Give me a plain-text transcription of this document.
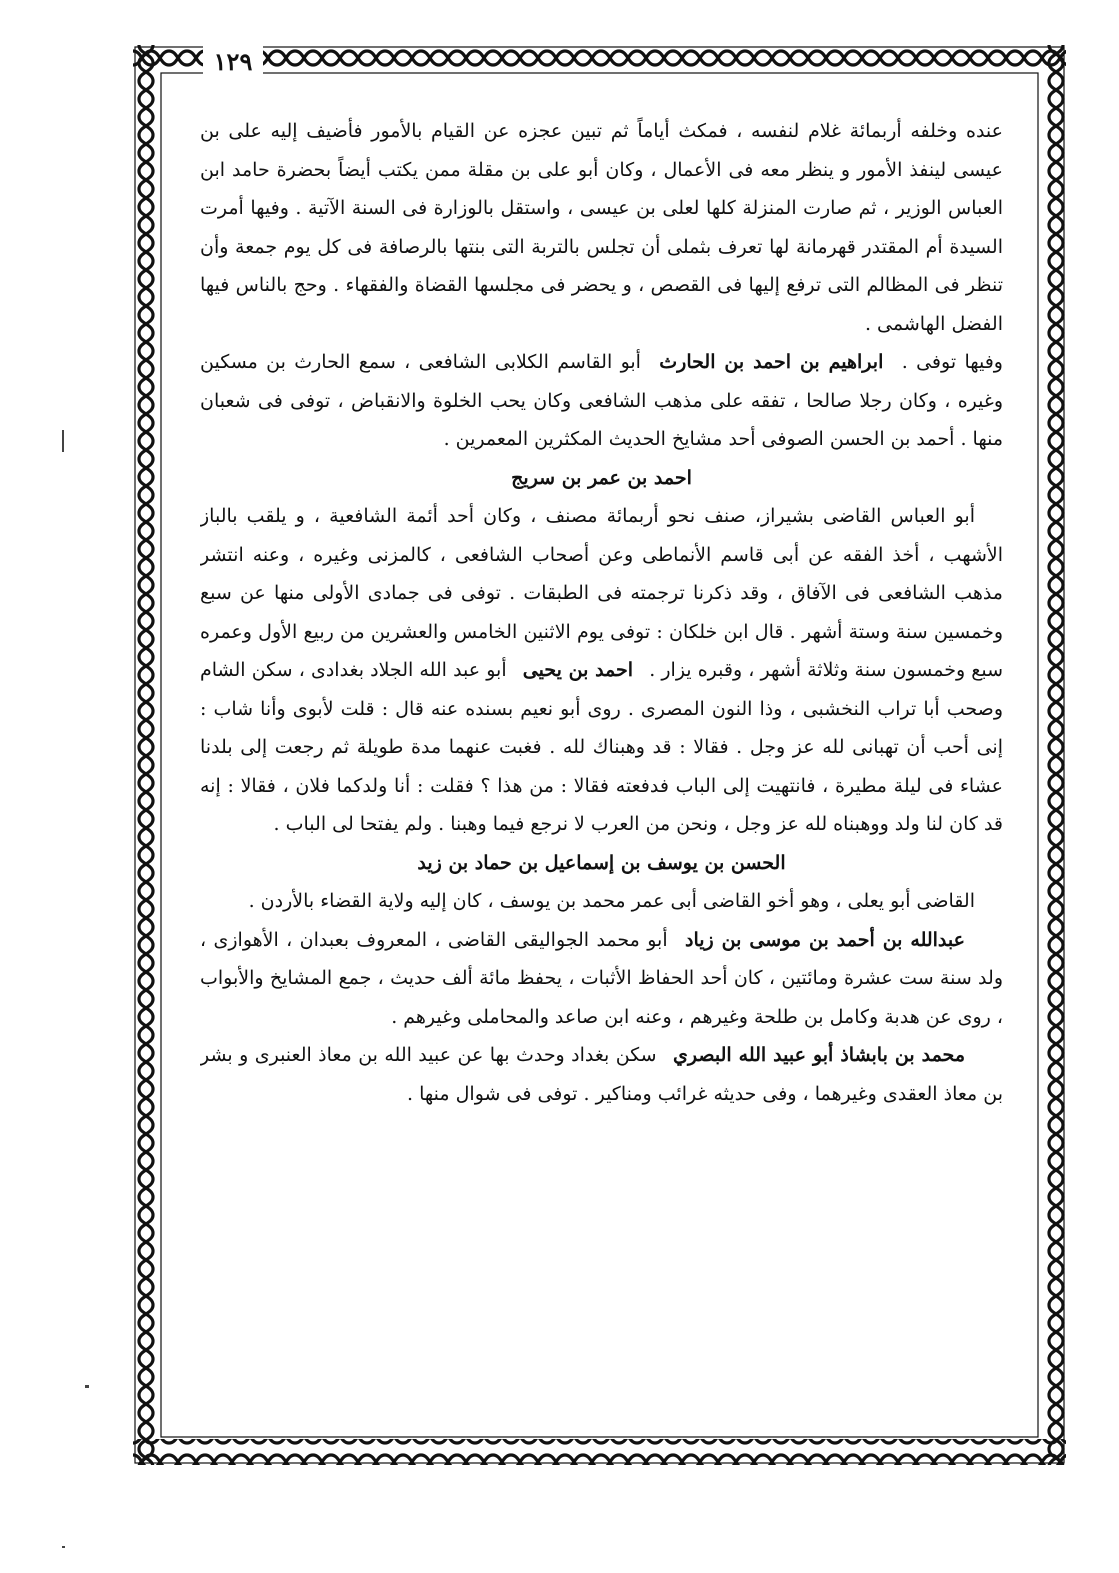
١٢٩

عنده وخلفه أربمائة غلام لنفسه ، فمكث أياماً ثم تبين عجزه عن القيام بالأمور فأضيف إليه على بن عيسى لينفذ الأمور و ينظر معه فى الأعمال ، وكان أبو على بن مقلة ممن يكتب أيضاً بحضرة حامد ابن العباس الوزير ، ثم صارت المنزلة كلها لعلى بن عيسى ، واستقل بالوزارة فى السنة الآتية . وفيها أمرت السيدة أم المقتدر قهرمانة لها تعرف بثملى أن تجلس بالتربة التى بنتها بالرصافة فى كل يوم جمعة وأن تنظر فى المظالم التى ترفع إليها فى القصص ، و يحضر فى مجلسها القضاة والفقهاء . وحج بالناس فيها الفضل الهاشمى .

وفيها توفى . ابراهيم بن احمد بن الحارث أبو القاسم الكلابى الشافعى ، سمع الحارث بن مسكين وغيره ، وكان رجلا صالحا ، تفقه على مذهب الشافعى وكان يحب الخلوة والانقباض ، توفى فى شعبان منها . أحمد بن الحسن الصوفى أحد مشايخ الحديث المكثرين المعمرين .

احمد بن عمر بن سريج

أبو العباس القاضى بشيراز، صنف نحو أربمائة مصنف ، وكان أحد أئمة الشافعية ، و يلقب بالباز الأشهب ، أخذ الفقه عن أبى قاسم الأنماطى وعن أصحاب الشافعى ، كالمزنى وغيره ، وعنه انتشر مذهب الشافعى فى الآفاق ، وقد ذكرنا ترجمته فى الطبقات . توفى فى جمادى الأولى منها عن سبع وخمسين سنة وستة أشهر . قال ابن خلكان : توفى يوم الاثنين الخامس والعشرين من ربيع الأول وعمره سبع وخمسون سنة وثلاثة أشهر ، وقبره يزار . احمد بن يحيى أبو عبد الله الجلاد بغدادى ، سكن الشام وصحب أبا تراب النخشبى ، وذا النون المصرى . روى أبو نعيم بسنده عنه قال : قلت لأبوى وأنا شاب : إنى أحب أن تهبانى لله عز وجل . فقالا : قد وهبناك لله . فغبت عنهما مدة طويلة ثم رجعت إلى بلدنا عشاء فى ليلة مطيرة ، فانتهيت إلى الباب فدفعته فقالا : من هذا ؟ فقلت : أنا ولدكما فلان ، فقالا : إنه قد كان لنا ولد ووهبناه لله عز وجل ، ونحن من العرب لا نرجع فيما وهبنا . ولم يفتحا لى الباب .

الحسن بن يوسف بن إسماعيل بن حماد بن زيد

القاضى أبو يعلى ، وهو أخو القاضى أبى عمر محمد بن يوسف ، كان إليه ولاية القضاء بالأردن .

عبدالله بن أحمد بن موسى بن زياد أبو محمد الجواليقى القاضى ، المعروف بعبدان ، الأهوازى ، ولد سنة ست عشرة ومائتين ، كان أحد الحفاظ الأثبات ، يحفظ مائة ألف حديث ، جمع المشايخ والأبواب ، روى عن هدبة وكامل بن طلحة وغيرهم ، وعنه ابن صاعد والمحاملى وغيرهم .

محمد بن بابشاذ أبو عبيد الله البصري سكن بغداد وحدث بها عن عبيد الله بن معاذ العنبرى و بشر بن معاذ العقدى وغيرهما ، وفى حديثه غرائب ومناكير . توفى فى شوال منها .
